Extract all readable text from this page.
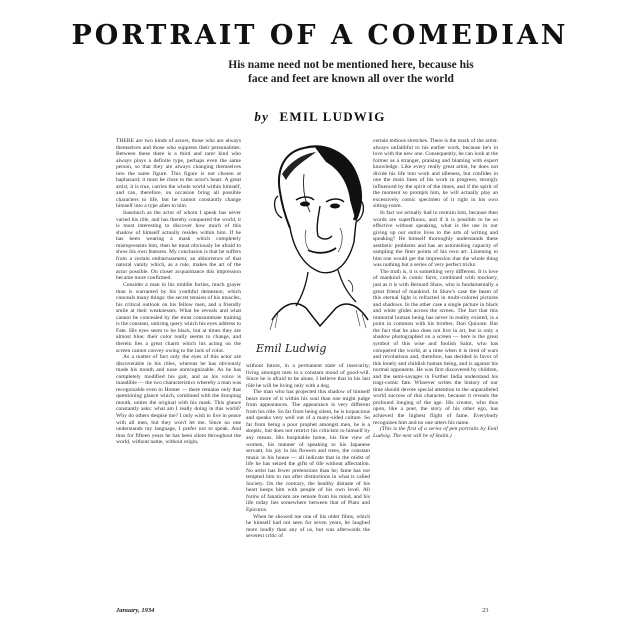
PORTRAIT OF A COMEDIAN
His name need not be mentioned here, because his face and feet are known all over the world
by EMIL LUDWIG

THERE are two kinds of actors, those who are always themselves and those who suppress their personalities. Between these there is a third and rarer kind who always plays a definite type, perhaps even the same person, so that they are always changing themselves into the same figure. This figure is not chosen at haphazard; it must be close to the actor's heart. A great artist, it is true, carries the whole world within himself, and can, therefore, on occasion bring all possible characters to life, but he cannot constantly change himself into a type alien to him.

Inasmuch as the actor of whom I speak has never varied his rôle, and has thereby conquered the world, it is most interesting to discover how much of this shadow of himself actually resides within him. If he has been wearing a mask which completely misrepresents him, then he must obviously be afraid to show his own features. My conclusion is that he suffers from a certain embarrassment, an abhorrence of that natural vanity which, as a rule, makes the art of the actor possible. On closer acquaintance this impression became more confirmed.

Consider a man in his middle forties, much grayer than is warranted by his youthful demeanor, which conceals many things: the secret tension of his muscles, his critical outlook on his fellow men, and a friendly smile at their weaknesses. What he reveals and what cannot be concealed by the most consummate training is the constant, untiring query which his eyes address to Fate. His eyes seem to be black, but at times they are almost blue; their color really seems to change, and therein lies a great charm which his acting on the screen cannot convey owing to the lack of color.

As a matter of fact only the eyes of this actor are discoverable in his rôles, whereas he has obviously made his mouth and nose unrecognizable. As he has completely modified his gait, and as his voice is inaudible — the two characteristics whereby a man was recognizable even in Homer — there remains only that questioning glance which, combined with the drooping mouth, unites the original with his mask. This glance constantly asks: what am I really doing in this world? Why do others despise me? I only wish to live in peace with all men, but they won't let me. Since no one understands my language, I prefer not to speak. And thus for fifteen years he has been silent throughout the world, without name, without origin,

Emil Ludwig

without future, in a permanent state of insecurity, living amongst men in a constant mood of good-will. Since he is afraid to be alone, I believe that in his last rôle he will be living only with a dog.

The man who has projected this shadow of himself bears more of it within his soul than one might judge from appearances. The appearance is very different from his rôle. So far from being silent, he is loquacious and speaks very well out of a many-sided culture. So far from being a poor prophet amongst men, he is a skeptic, but does not restrict his criticism to himself by any means. His hospitable home, his fine view of women, his manner of speaking to his Japanese servant, his joy in his flowers and trees, the constant music in his house — all indicate that in the midst of life he has seized the gifts of life without affectation. No artist has fewer pretensions than he; fame has not tempted him to run after distinctions in what is called Society. On the contrary, the healthy distaste of his heart keeps him with people of his own level. All forms of fanaticism are remote from his mind, and his life today lies somewhere between that of Plato and Epicurus.

When he showed me one of his older films, which he himself had not seen for seven years, he laughed more loudly than any of us, but was afterwards the severest critic of

certain tedious stretches. There is the mark of the artist: always unfaithful to his earlier work, because he's in love with the new one. Consequently, he can look at the former as a stranger, praising and blaming with expert knowledge. Like every really great artist, he does not divide his life into work and idleness, but confides in one the main lines of his work in progress, strongly influenced by the spirit of the times, and if the spirit of the moment so prompts him, he will actually play an excessively comic specimen of it right in his own sitting-room.

In fact we actually had to restrain him, because then words are superfluous, and if it is possible to be so effective without speaking, what is the use in our giving up our entire lives to the arts of writing and speaking? He himself thoroughly understands these aesthetic problems and has an astonishing capacity of sampling the finer points of his own art. Listening to him one would get the impression that the whole thing was nothing but a series of very perfect tricks.

The truth is, it is something very different. It is love of mankind in comic form, combined with mockery, just as it is with Bernard Shaw, who is fundamentally a great friend of mankind. In Shaw's case the beam of this eternal light is refracted in multi-colored pictures and shadows. In the other case a single picture in black and white glides across the screen. The fact that this immortal human being has never in reality existed, is a point in common with his brother, Don Quixote. But the fact that he also does not live in art, but is only a shadow photographed on a screen — here is the great symbol of this wise and foolish Saint, who has conquered the world, at a time when it is tired of wars and revolutions and, therefore, has decided in favor of this lonely and childish human being, and is against his normal opponents. He was first discovered by children, and the semi-savages in Further India understand his tragi-comic fate. Whoever writes the history of our time should devote special attention to the unparalleled world success of this character, because it reveals the profound longing of the age. His creator, who thus upon, like a poet, the story of his other ego, has achieved the highest flight of fame. Everybody recognizes him and no one utters his name.

(This is the first of a series of pen portraits by Emil Ludwig. The next will be of Stalin.)

January, 1934	23
